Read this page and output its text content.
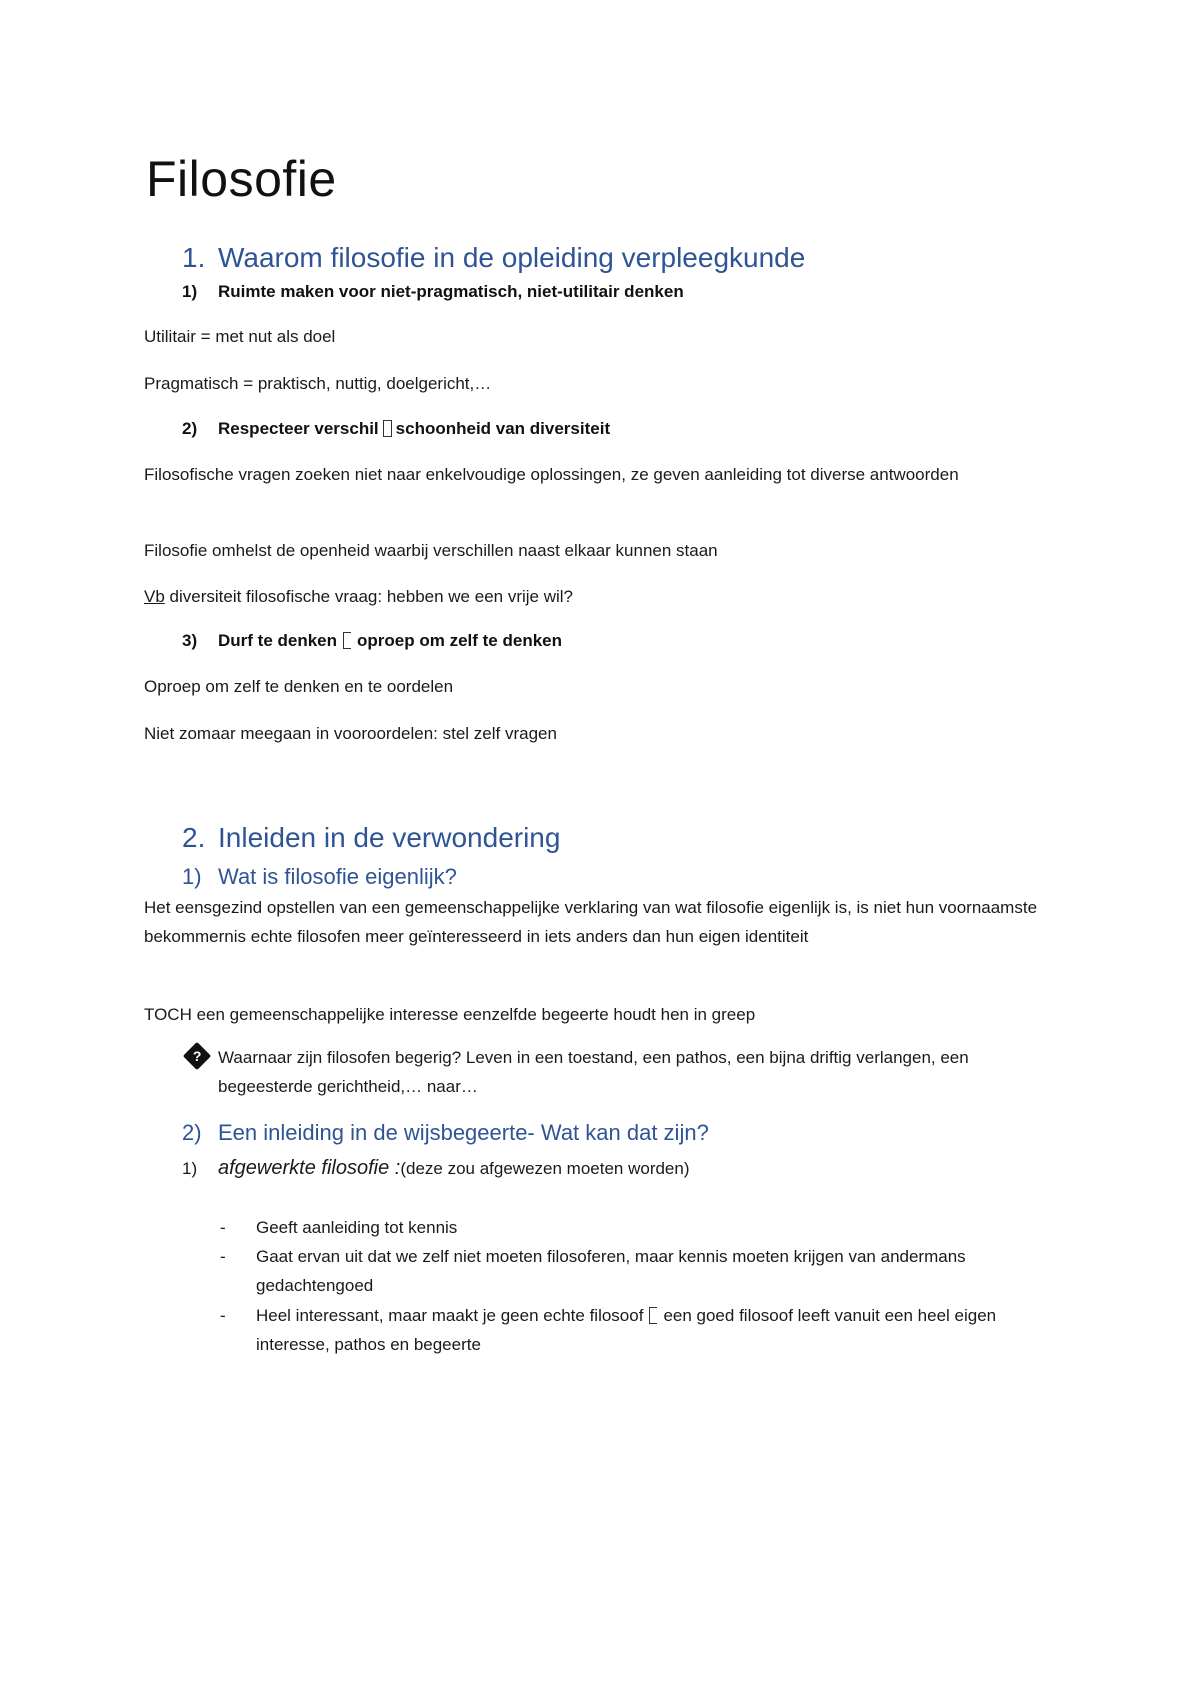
Filosofie
1. Waarom filosofie in de opleiding verpleegkunde
1) Ruimte maken voor niet-pragmatisch, niet-utilitair denken
Utilitair = met nut als doel
Pragmatisch = praktisch, nuttig, doelgericht,…
2) Respecteer verschil schoonheid van diversiteit
Filosofische vragen zoeken niet naar enkelvoudige oplossingen, ze geven aanleiding tot diverse antwoorden
Filosofie omhelst de openheid waarbij verschillen naast elkaar kunnen staan
Vb diversiteit filosofische vraag: hebben we een vrije wil?
3) Durf te denken oproep om zelf te denken
Oproep om zelf te denken en te oordelen
Niet zomaar meegaan in vooroordelen: stel zelf vragen
2. Inleiden in de verwondering
1) Wat is filosofie eigenlijk?
Het eensgezind opstellen van een gemeenschappelijke verklaring van wat filosofie eigenlijk is, is niet hun voornaamste bekommernis echte filosofen meer geïnteresseerd in iets anders dan hun eigen identiteit
TOCH een gemeenschappelijke interesse eenzelfde begeerte houdt hen in greep
? Waarnaar zijn filosofen begerig? Leven in een toestand, een pathos, een bijna driftig verlangen, een begeesterde gerichtheid,… naar…
2) Een inleiding in de wijsbegeerte- Wat kan dat zijn?
1) afgewerkte filosofie :(deze zou afgewezen moeten worden)
- Geeft aanleiding tot kennis
-	Gaat ervan uit dat we zelf niet moeten filosoferen, maar kennis moeten krijgen van andermans gedachtengoed
-	Heel interessant, maar maakt je geen echte filosoof een goed filosoof leeft vanuit een heel eigen interesse, pathos en begeerte
